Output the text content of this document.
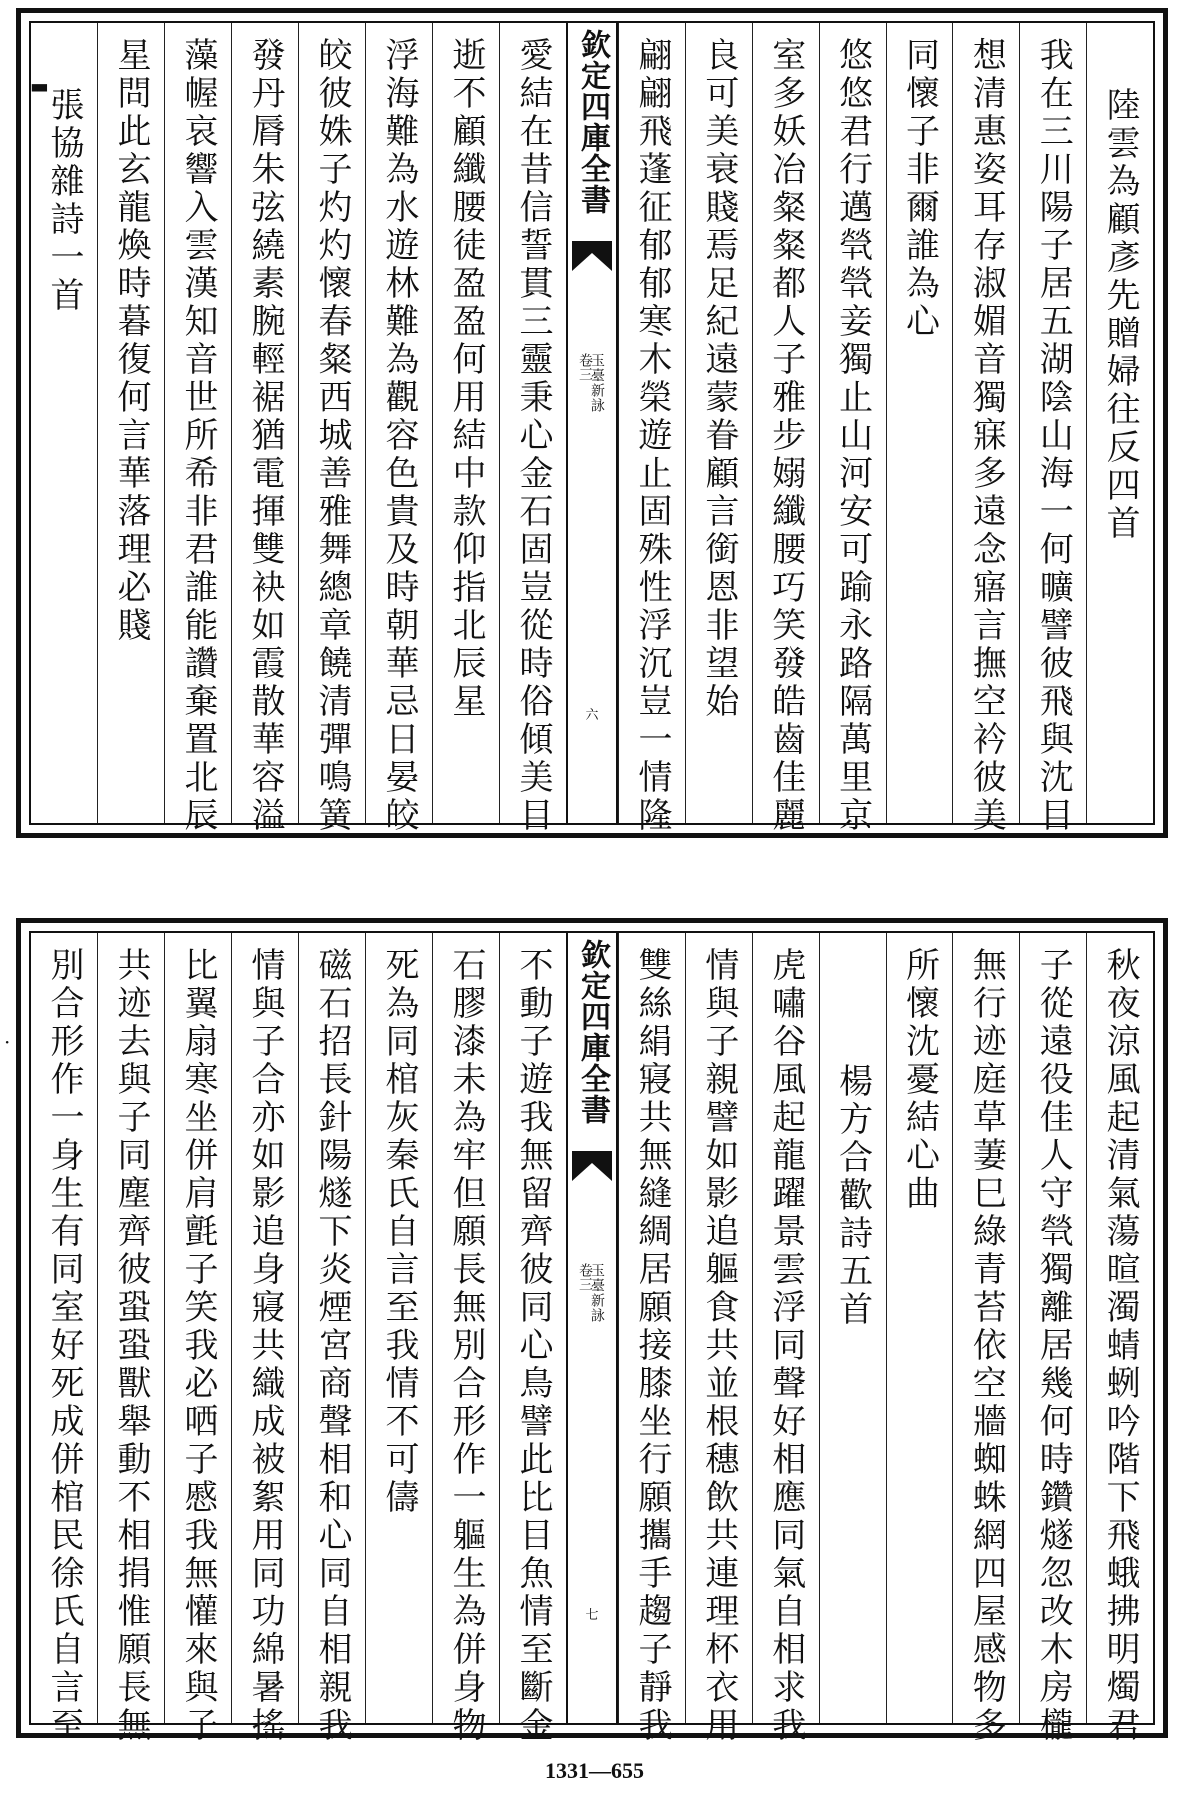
陸雲為顧彥先贈婦往反四首
我在三川陽子居五湖陰山海一何曠譬彼飛與沈目
想清惠姿耳存淑媚音獨寐多遠念寤言撫空衿彼美
同懷子非爾誰為心
悠悠君行邁煢煢妾獨止山河安可踰永路隔萬里京
室多妖冶粲粲都人子雅步嫋纖腰巧笑發皓齒佳麗
良可美衰賤焉足紀遠蒙眷顧言銜恩非望始
翩翩飛蓬征郁郁寒木榮遊止固殊性浮沉豈一情隆
欽定四庫全書
玉臺新詠
卷三
六
愛結在昔信誓貫三靈秉心金石固豈從時俗傾美目
逝不顧纖腰徒盈盈何用結中款仰指北辰星
浮海難為水遊林難為觀容色貴及時朝華忌日晏皎
皎彼姝子灼灼懷春粲西城善雅舞總章饒清彈鳴簧
發丹脣朱弦繞素腕輕裾猶電揮雙袂如霞散華容溢
藻幄哀響入雲漢知音世所希非君誰能讚棄置北辰
星問此玄龍煥時暮復何言華落理必賤
張協雜詩一首
▬
秋夜涼風起清氣蕩暄濁蜻蛚吟階下飛蛾拂明燭君
子從遠役佳人守煢獨離居幾何時鑽燧忽改木房櫳
無行迹庭草萋巳綠青苔依空牆蜘蛛網四屋感物多
所懷沈憂結心曲
楊方合歡詩五首
虎嘯谷風起龍躍景雲浮同聲好相應同氣自相求我
情與子親譬如影追軀食共並根穗飲共連理杯衣用
雙絲絹寢共無縫綢居願接膝坐行願攜手趨子靜我
欽定四庫全書
玉臺新詠
卷三
七
不動子遊我無留齊彼同心鳥譬此比目魚情至斷金
石膠漆未為牢但願長無別合形作一軀生為併身物
死為同棺灰秦氏自言至我情不可儔
磁石招長針陽燧下炎煙宮商聲相和心同自相親我
情與子合亦如影追身寢共織成被絮用同功綿暑搖
比翼扇寒坐併肩氈子笑我必哂子慼我無懽來與子
共迹去與子同塵齊彼蛩蛩獸舉動不相捐惟願長無
別合形作一身生有同室好死成併棺民徐氏自言至
·
1331—655
